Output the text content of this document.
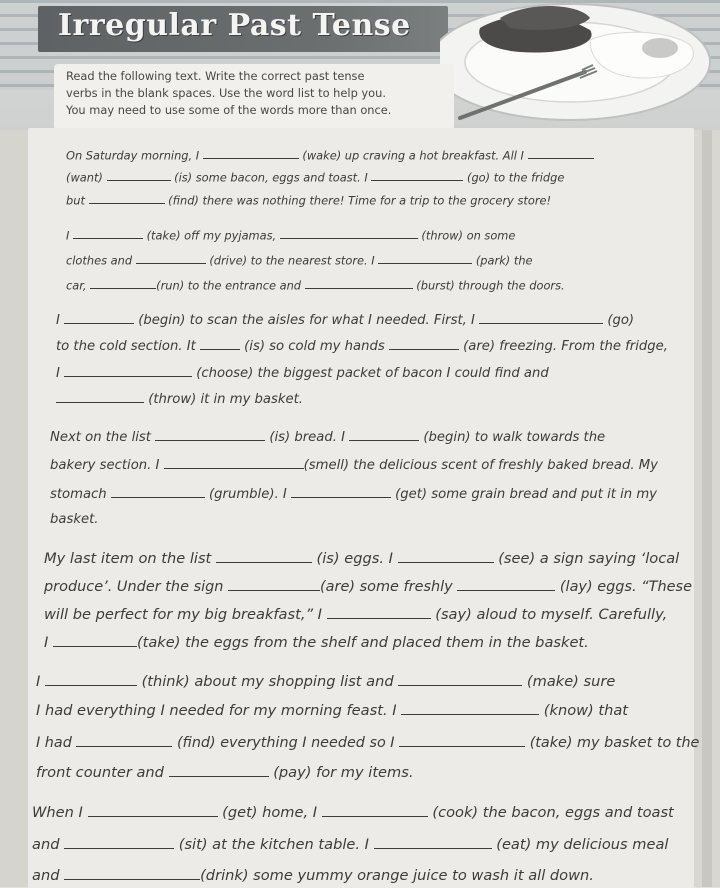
Irregular Past Tense
Read the following text. Write the correct past tense
verbs in the blank spaces. Use the word list to help you.
You may need to use some of the words more than once.
On Saturday morning, I	(wake) up craving a hot breakfast. All I
(want)	(is) some bacon, eggs and toast. I	(go) to the fridge
but	(find) there was nothing there! Time for a trip to the grocery store!
I	(take) off my pyjamas,	(throw) on some
clothes and	(drive) to the nearest store. I	(park) the
car,	(run) to the entrance and	(burst) through the doors.
I	(begin) to scan the aisles for what I needed. First, I	(go)
to the cold section. It	(is) so cold my hands	(are) freezing. From the fridge,
I	(choose) the biggest packet of bacon I could find and
(throw) it in my basket.
Next on the list	(is) bread. I	(begin) to walk towards the
bakery section. I	(smell) the delicious scent of freshly baked bread. My
stomach	(grumble). I	(get) some grain bread and put it in my
basket.
My last item on the list	(is) eggs. I	(see) a sign saying ‘local
produce’. Under the sign	(are) some freshly	(lay) eggs. “These
will be perfect for my big breakfast,” I	(say) aloud to myself. Carefully,
I	(take) the eggs from the shelf and placed them in the basket.
I	(think) about my shopping list and	(make) sure
I had everything I needed for my morning feast. I	(know) that
I had	(find) everything I needed so I	(take) my basket to the
front counter and	(pay) for my items.
When I	(get) home, I	(cook) the bacon, eggs and toast
and	(sit) at the kitchen table. I	(eat) my delicious meal
and	(drink) some yummy orange juice to wash it all down.
